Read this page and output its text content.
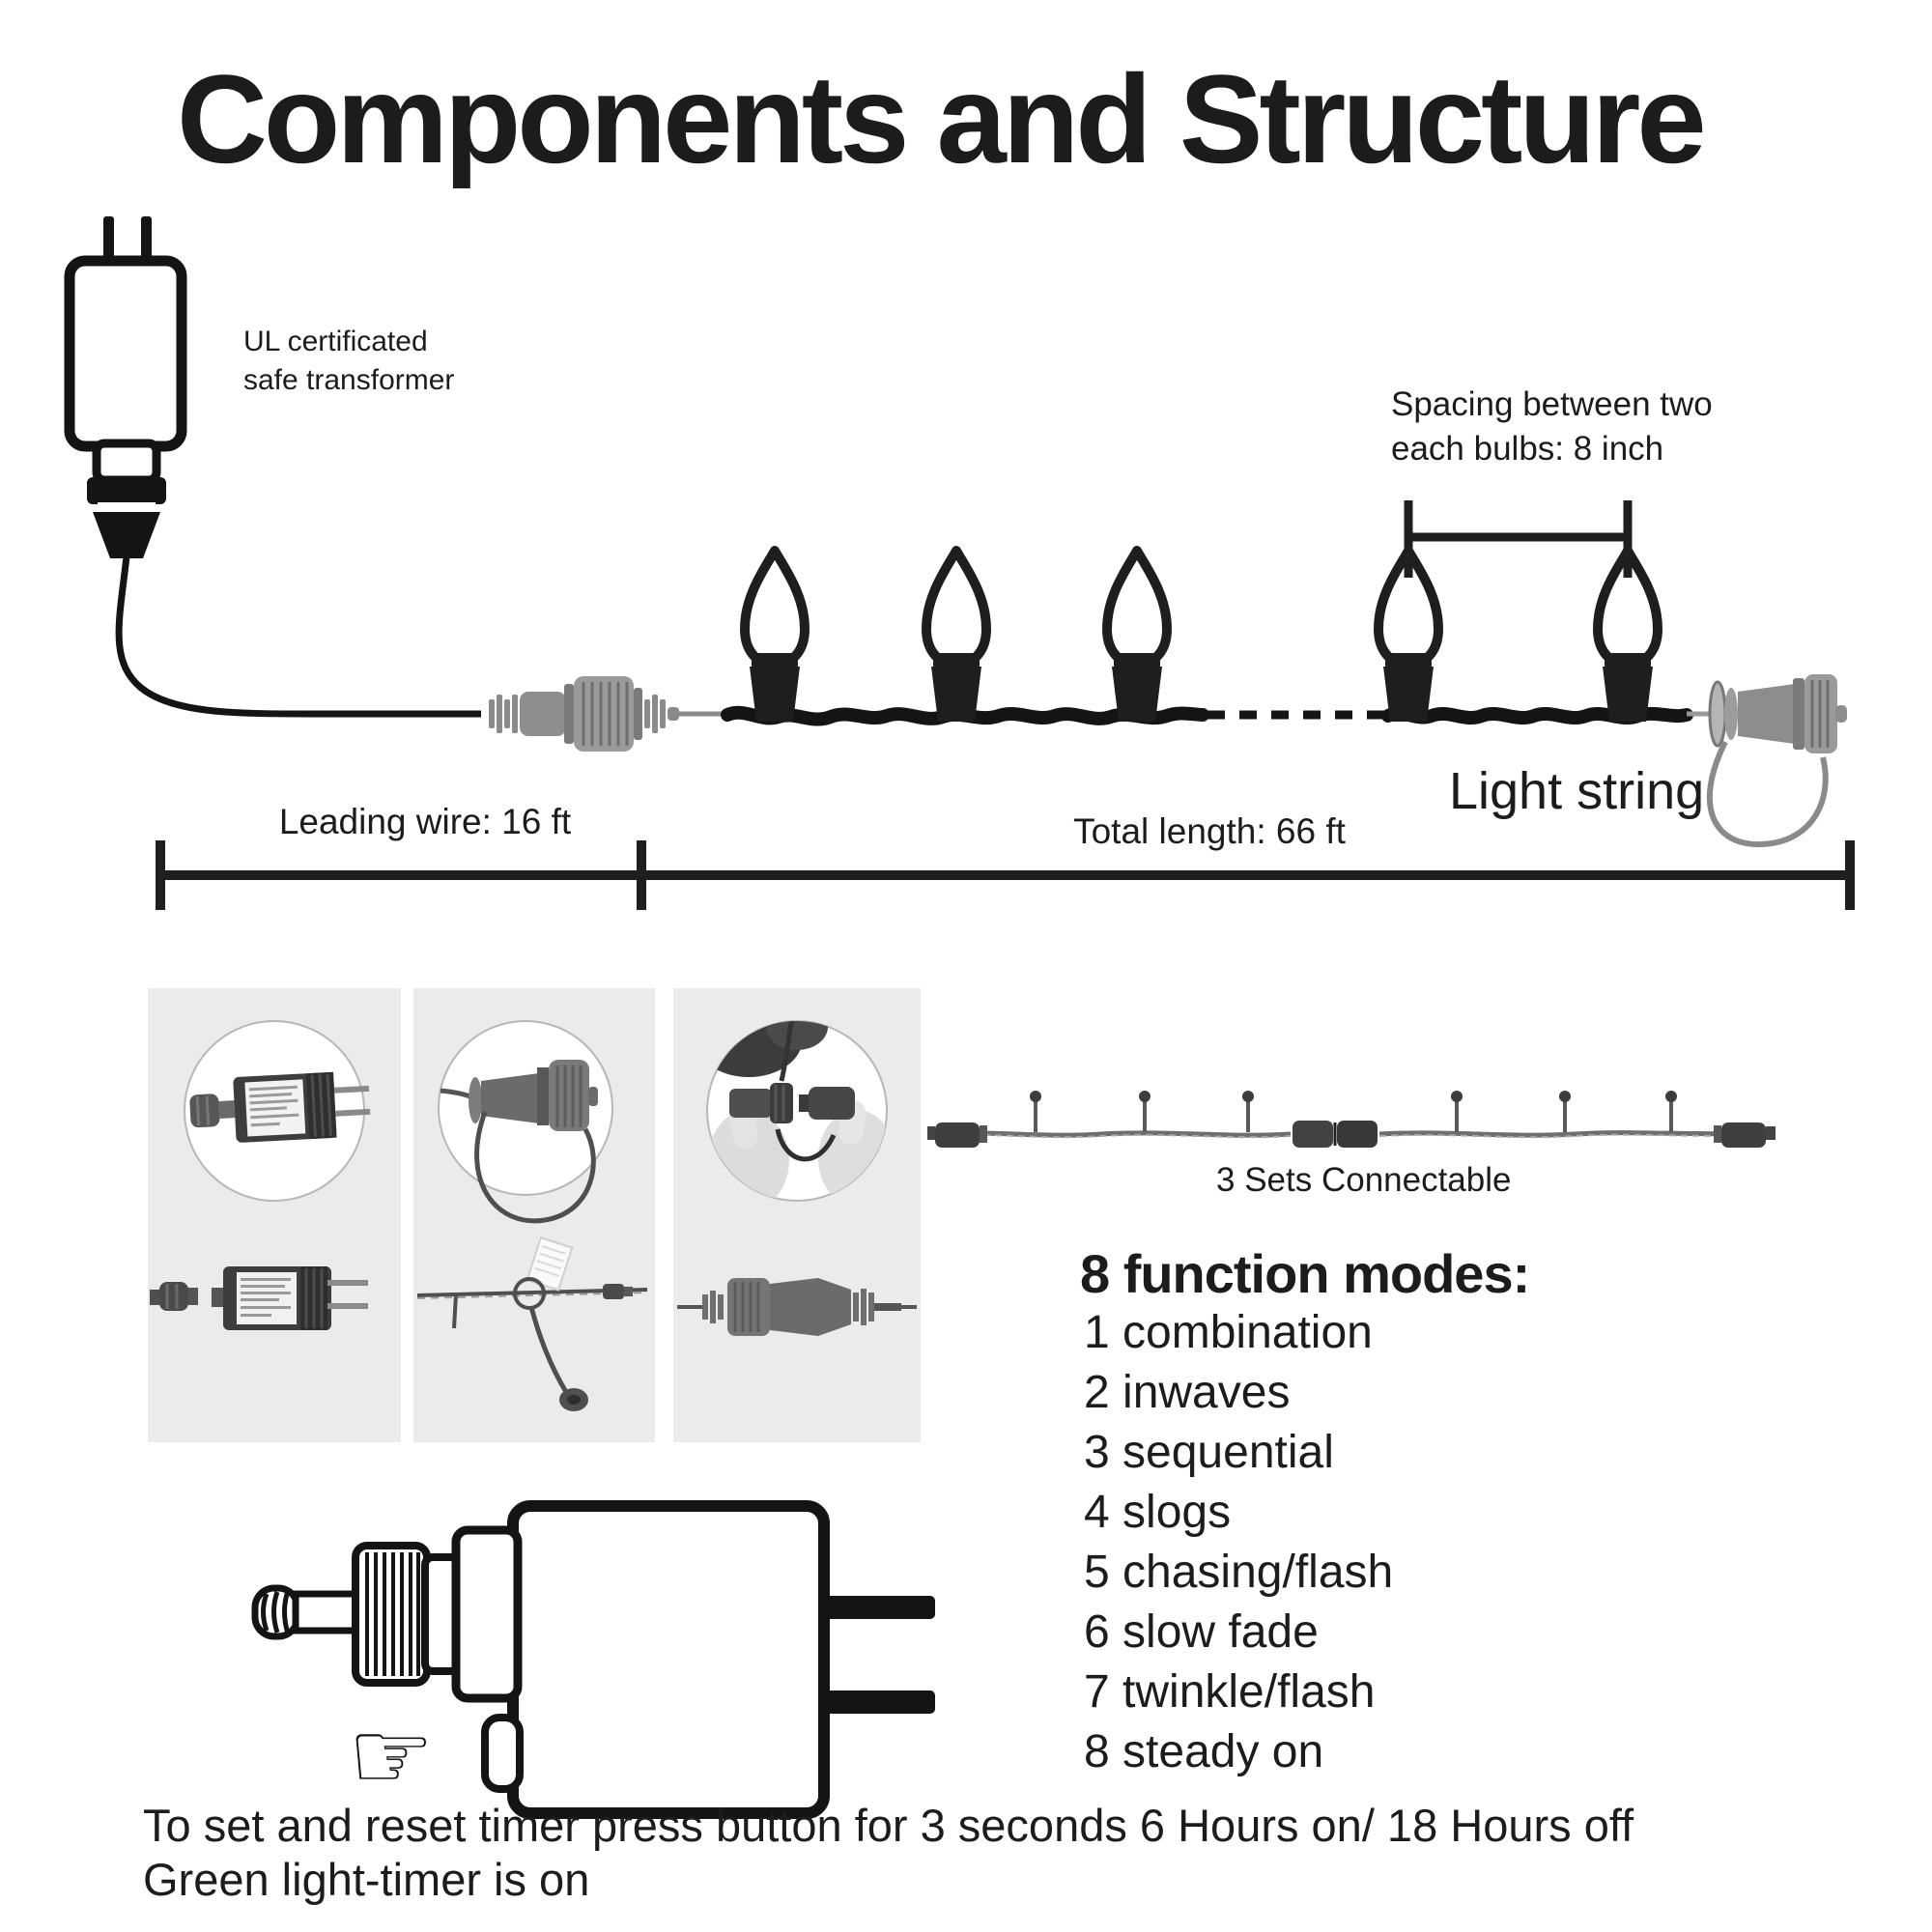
Components and Structure
UL certificated
safe transformer
Spacing between two
each bulbs: 8 inch
Light string
Leading wire: 16 ft	Total length: 66 ft
3 Sets Connectable
8 function modes:
1 combination
2 inwaves
3 sequential
4 slogs
5 chasing/flash
6 slow fade
7 twinkle/flash
8 steady on
☞
To set and reset timer press button for 3 seconds 6 Hours on/ 18 Hours off
Green light-timer is on
